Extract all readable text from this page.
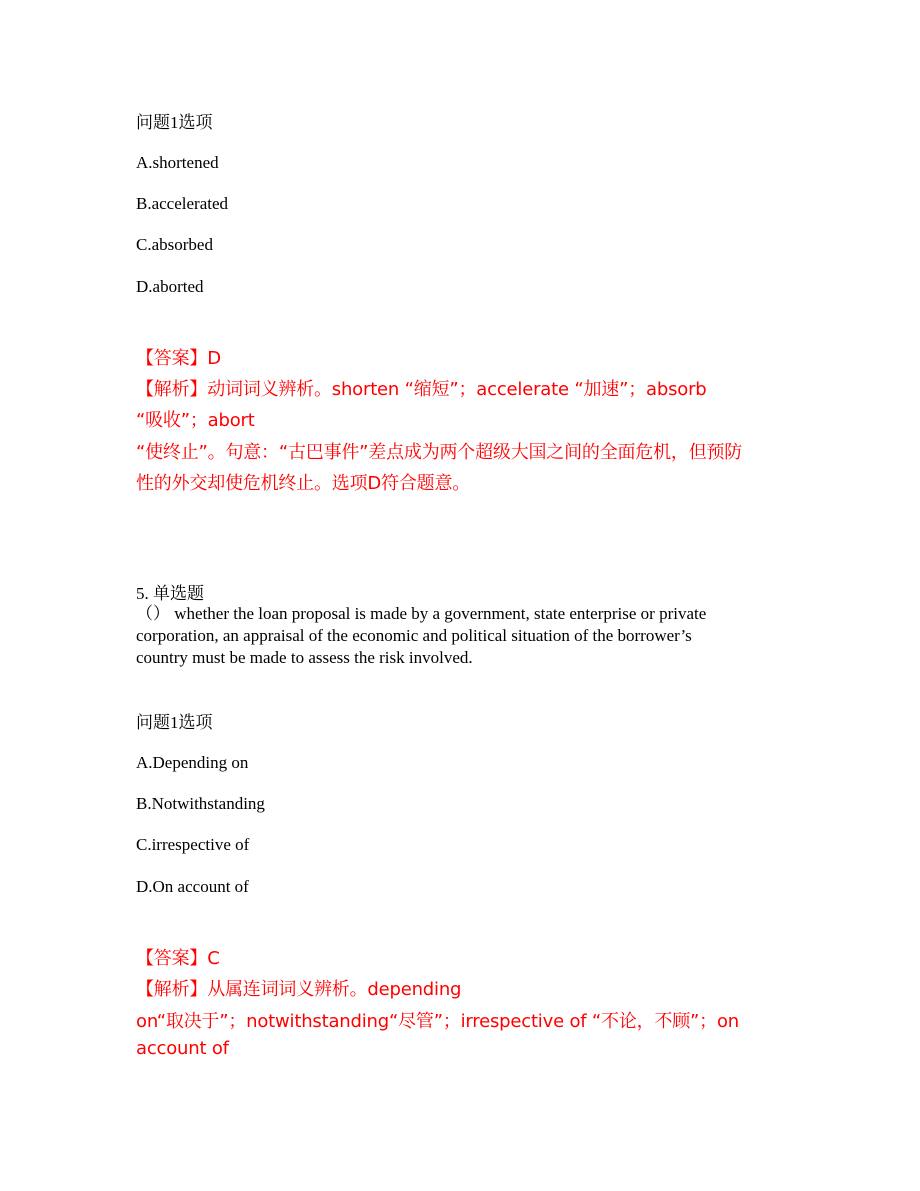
问题1选项
A.shortened
B.accelerated
C.absorbed
D.aborted
【答案】D
【解析】动词词义辨析。shorten “缩短”；accelerate “加速”；absorb
“吸收”；abort
“使终止”。句意：“古巴事件”差点成为两个超级大国之间的全面危机，但预防
性的外交却使危机终止。选项D符合题意。
5. 单选题
（） whether the loan proposal is made by a government, state enterprise or private
corporation, an appraisal of the economic and political situation of the borrower’s
country must be made to assess the risk involved.
问题1选项
A.Depending on
B.Notwithstanding
C.irrespective of
D.On account of
【答案】C
【解析】从属连词词义辨析。depending
on“取决于”；notwithstanding“尽管”；irrespective of “不论，不顾”；on
account of
